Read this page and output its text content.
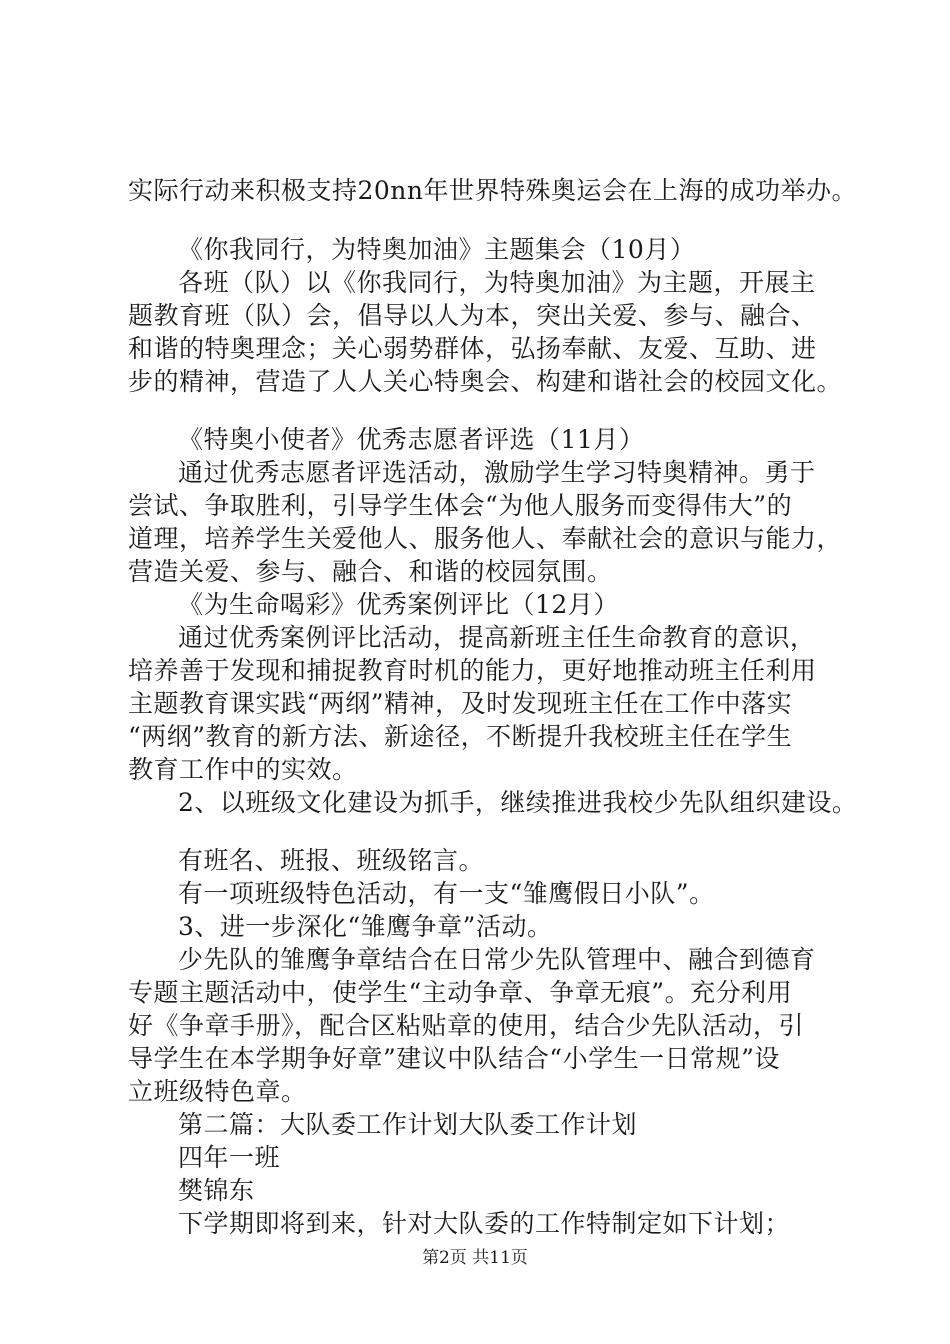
实际行动来积极支持20nn年世界特殊奥运会在上海的成功举办。
《你我同行，为特奥加油》主题集会（10月）
各班（队）以《你我同行，为特奥加油》为主题，开展主
题教育班（队）会，倡导以人为本，突出关爱、参与、融合、
和谐的特奥理念；关心弱势群体，弘扬奉献、友爱、互助、进
步的精神，营造了人人关心特奥会、构建和谐社会的校园文化。
《特奥小使者》优秀志愿者评选（11月）
通过优秀志愿者评选活动，激励学生学习特奥精神。勇于
尝试、争取胜利，引导学生体会“为他人服务而变得伟大”的
道理，培养学生关爱他人、服务他人、奉献社会的意识与能力，
营造关爱、参与、融合、和谐的校园氛围。
《为生命喝彩》优秀案例评比（12月）
通过优秀案例评比活动，提高新班主任生命教育的意识，
培养善于发现和捕捉教育时机的能力，更好地推动班主任利用
主题教育课实践“两纲”精神，及时发现班主任在工作中落实
“两纲”教育的新方法、新途径，不断提升我校班主任在学生
教育工作中的实效。
2、以班级文化建设为抓手，继续推进我校少先队组织建设。
有班名、班报、班级铭言。
有一项班级特色活动，有一支“雏鹰假日小队”。
3、进一步深化“雏鹰争章”活动。
少先队的雏鹰争章结合在日常少先队管理中、融合到德育
专题主题活动中，使学生“主动争章、争章无痕”。充分利用
好《争章手册》，配合区粘贴章的使用，结合少先队活动，引
导学生在本学期争好章”建议中队结合“小学生一日常规”设
立班级特色章。
第二篇：大队委工作计划大队委工作计划
四年一班
樊锦东
下学期即将到来，针对大队委的工作特制定如下计划；
第2页 共11页
